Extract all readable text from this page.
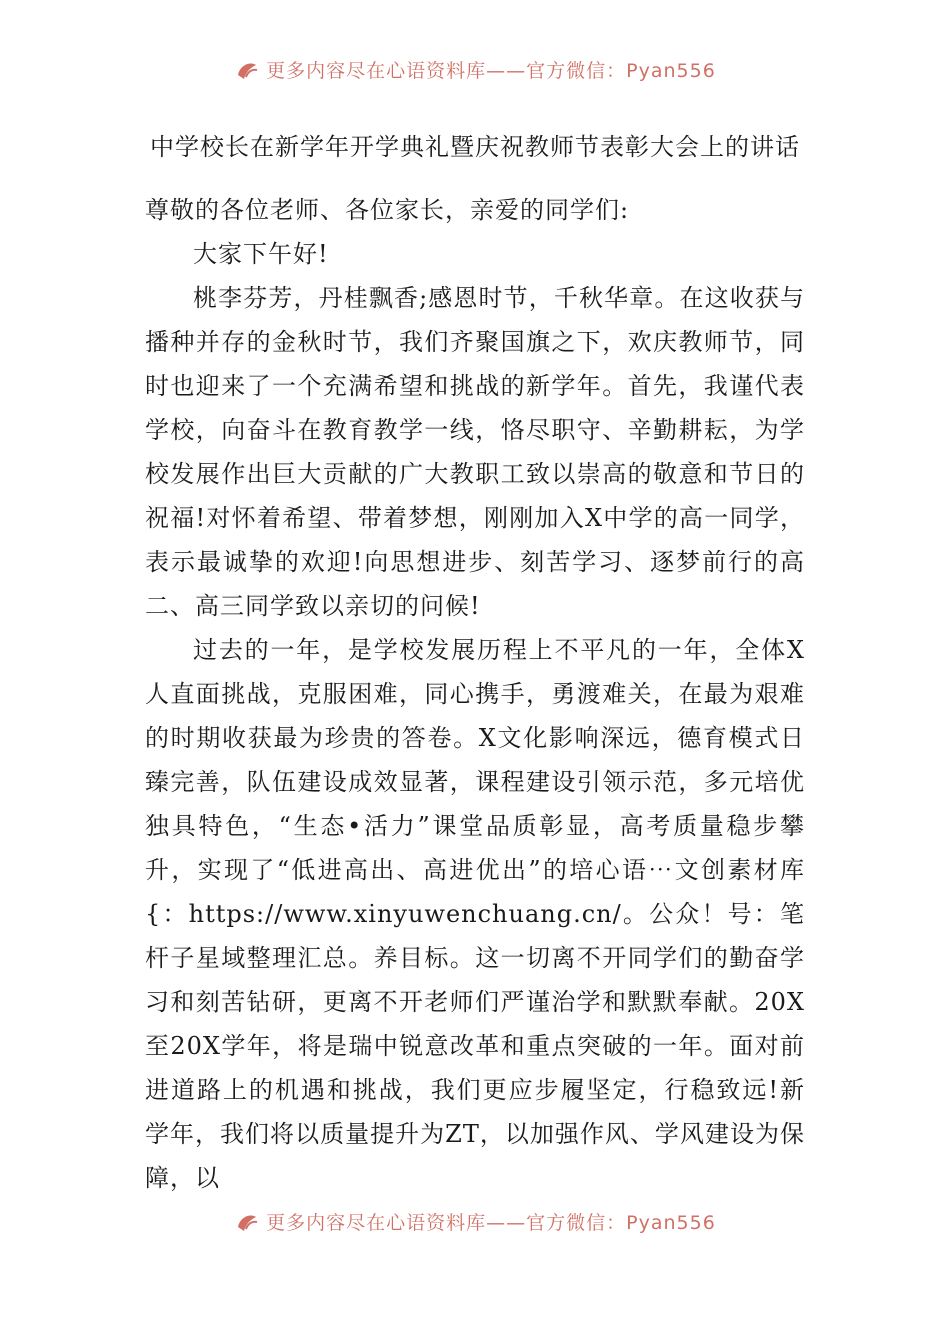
更多内容尽在心语资料库——官方微信：Pyan556
中学校长在新学年开学典礼暨庆祝教师节表彰大会上的讲话

尊敬的各位老师、各位家长，亲爱的同学们:

大家下午好!

桃李芬芳，丹桂飘香;感恩时节，千秋华章。在这收获与播种并存的金秋时节，我们齐聚国旗之下，欢庆教师节，同时也迎来了一个充满希望和挑战的新学年。首先，我谨代表学校，向奋斗在教育教学一线，恪尽职守、辛勤耕耘，为学校发展作出巨大贡献的广大教职工致以崇高的敬意和节日的祝福!对怀着希望、带着梦想，刚刚加入X中学的高一同学，表示最诚挚的欢迎!向思想进步、刻苦学习、逐梦前行的高二、高三同学致以亲切的问候!

过去的一年，是学校发展历程上不平凡的一年，全体X人直面挑战，克服困难，同心携手，勇渡难关，在最为艰难的时期收获最为珍贵的答卷。X文化影响深远，德育模式日臻完善，队伍建设成效显著，课程建设引领示范，多元培优独具特色，“生态•活力”课堂品质彰显，高考质量稳步攀升，实现了“低进高出、高进优出”的培心语⋯文创素材库{：https://www.xinyuwenchuang.cn/。公众！号：笔杆子星域整理汇总。养目标。这一切离不开同学们的勤奋学习和刻苦钻研，更离不开老师们严谨治学和默默奉献。20X至20X学年，将是瑞中锐意改革和重点突破的一年。面对前进道路上的机遇和挑战，我们更应步履坚定，行稳致远!新学年，我们将以质量提升为ZT，以加强作风、学风建设为保障，以

更多内容尽在心语资料库——官方微信：Pyan556
